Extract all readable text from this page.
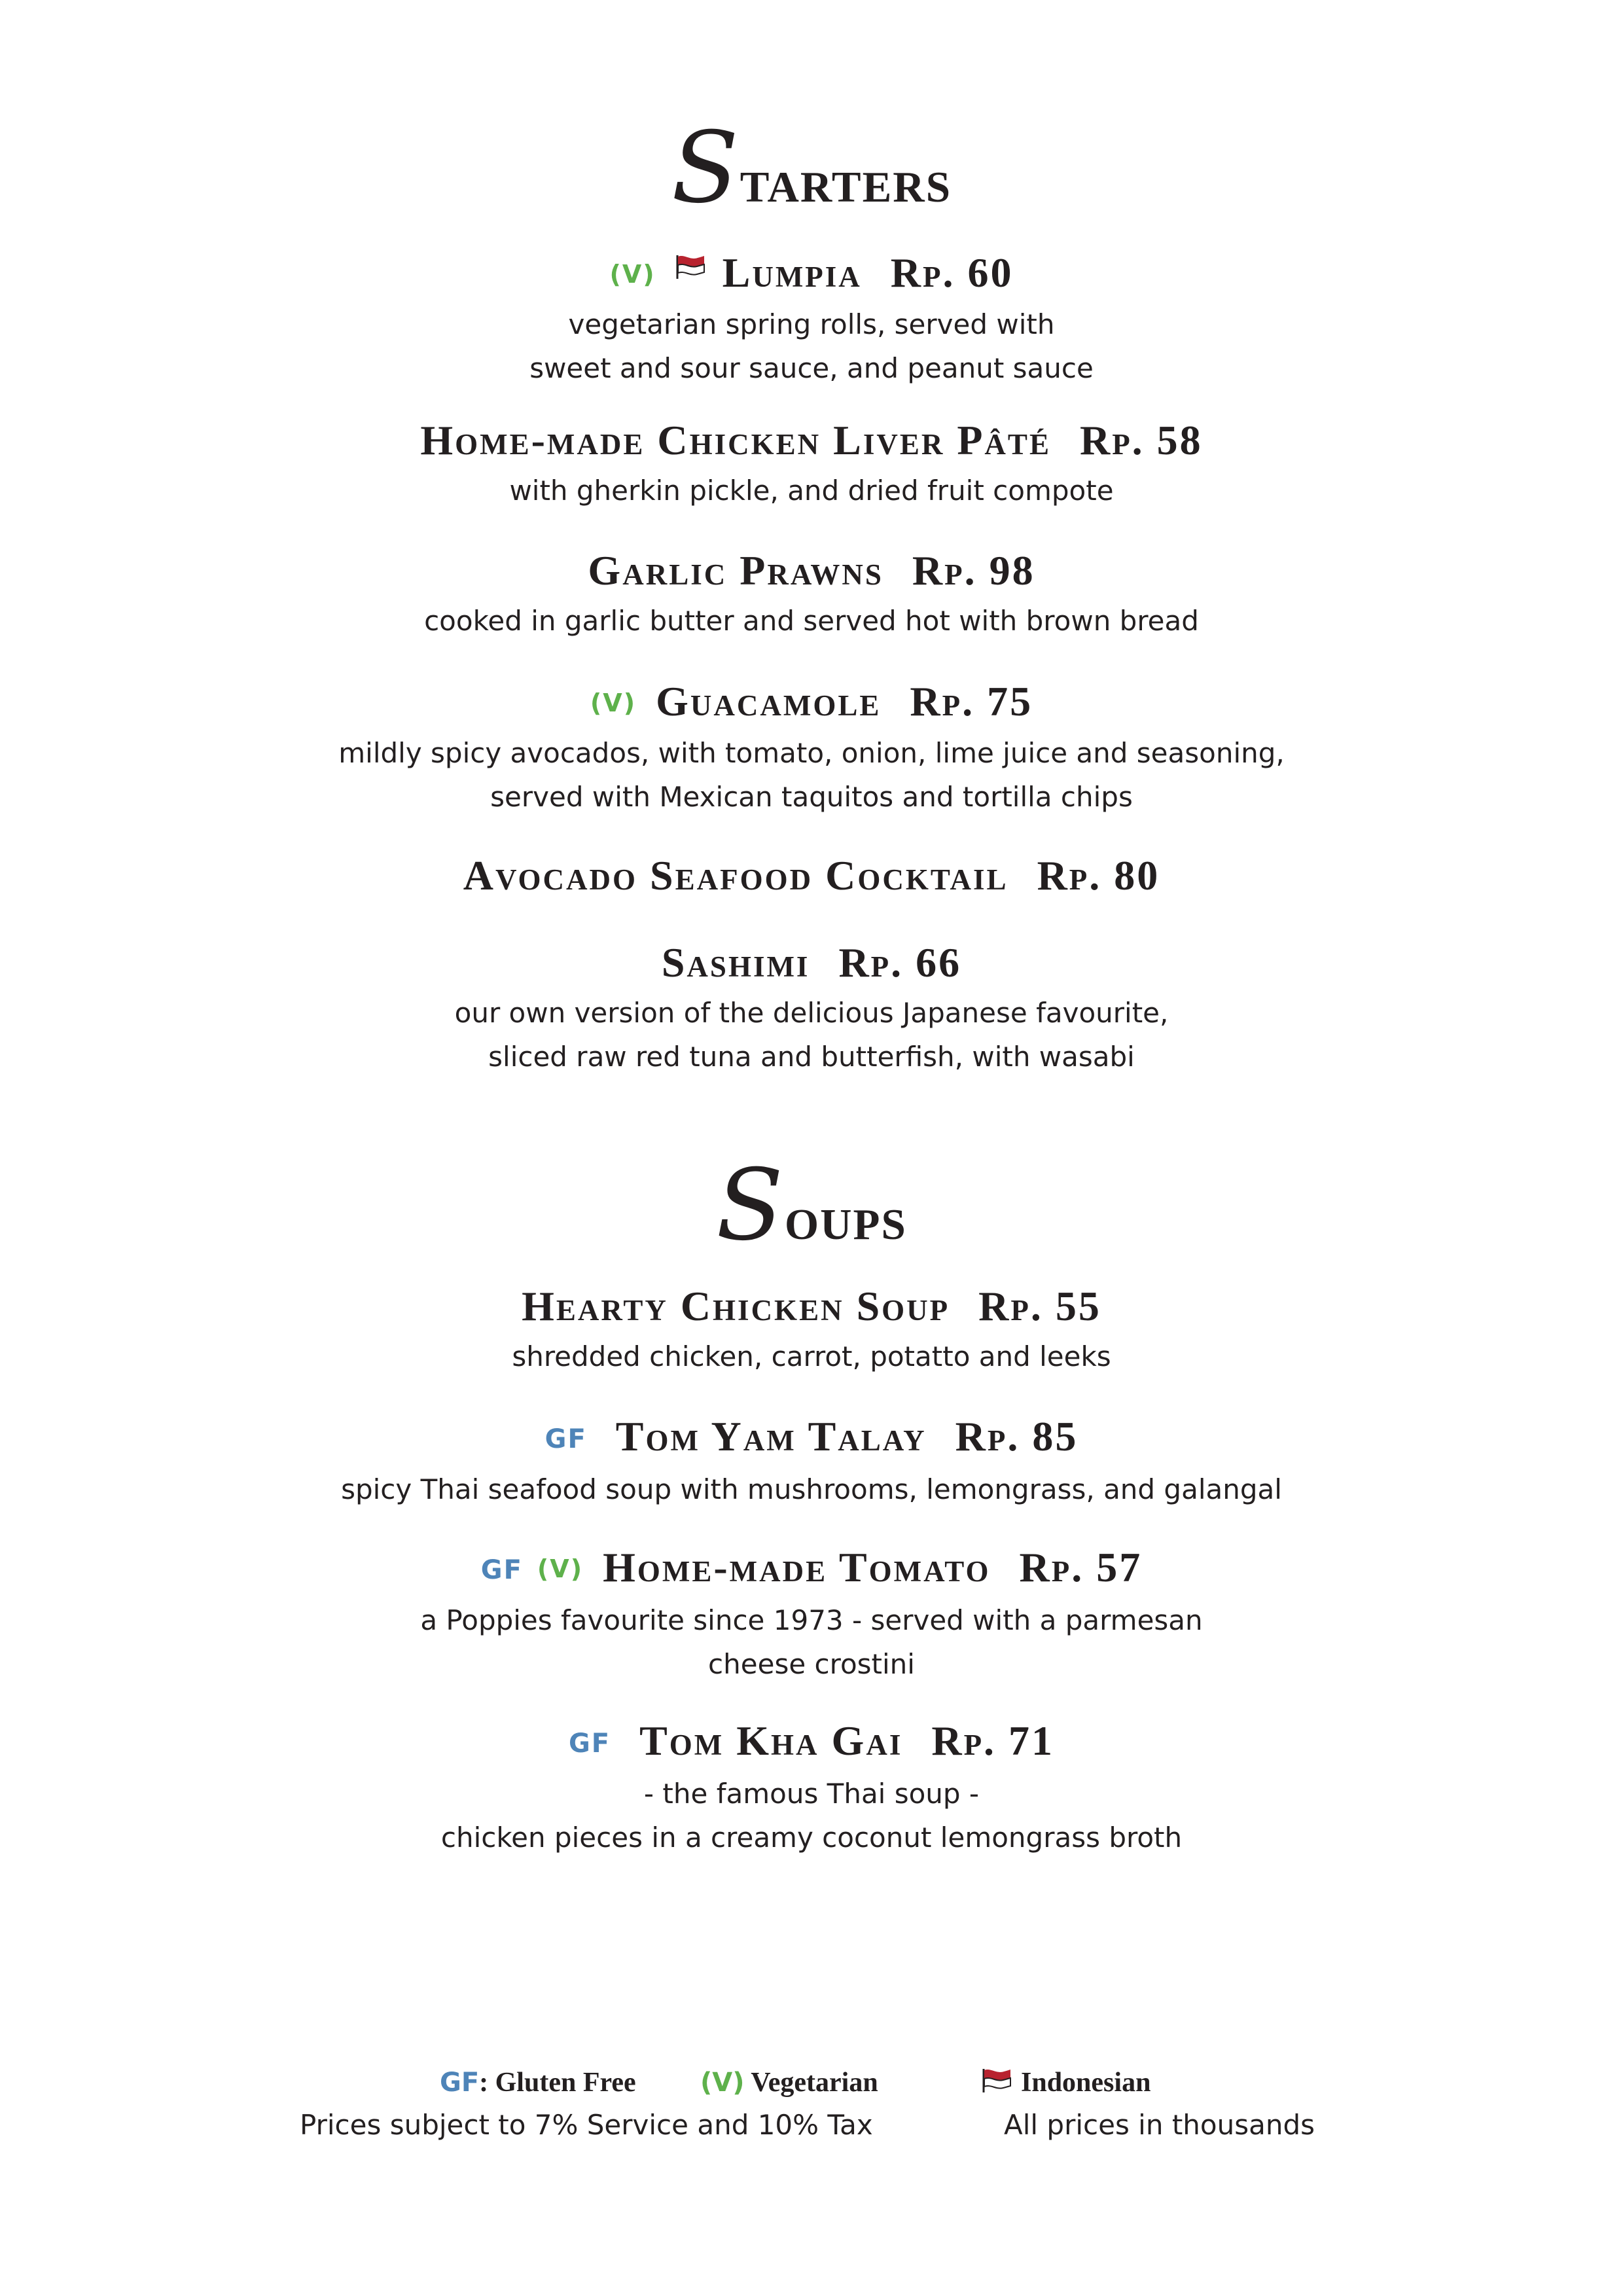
Starters
(V) Lumpia Rp. 60
vegetarian spring rolls, served with
sweet and sour sauce, and peanut sauce
Home-made Chicken Liver Pâté Rp. 58
with gherkin pickle, and dried fruit compote
Garlic Prawns Rp. 98
cooked in garlic butter and served hot with brown bread
(V) Guacamole Rp. 75
mildly spicy avocados, with tomato, onion, lime juice and seasoning,
served with Mexican taquitos and tortilla chips
Avocado Seafood Cocktail Rp. 80
Sashimi Rp. 66
our own version of the delicious Japanese favourite,
sliced raw red tuna and butterfish, with wasabi
Soups
Hearty Chicken Soup Rp. 55
shredded chicken, carrot, potatto and leeks
GF Tom Yam Talay Rp. 85
spicy Thai seafood soup with mushrooms, lemongrass, and galangal
GF (V) Home-made Tomato Rp. 57
a Poppies favourite since 1973 - served with a parmesan
cheese crostini
GF Tom Kha Gai Rp. 71
- the famous Thai soup -
chicken pieces in a creamy coconut lemongrass broth
GF: Gluten Free (V) Vegetarian	Indonesian
Prices subject to 7% Service and 10% Tax	All prices in thousands
